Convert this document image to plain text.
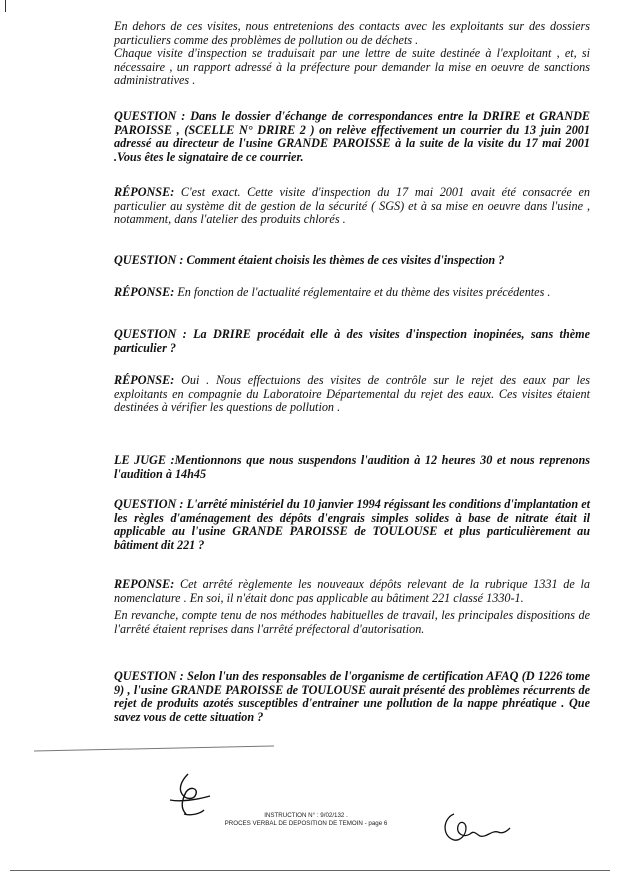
En dehors de ces visites, nous entretenions des contacts avec les exploitants sur des dossiers particuliers comme des problèmes de pollution ou de déchets .
Chaque visite d'inspection se traduisait par une lettre de suite destinée à l'exploitant , et, si nécessaire , un rapport adressé à la préfecture pour demander la mise en oeuvre de sanctions administratives .
QUESTION : Dans le dossier d'échange de correspondances entre la DRIRE et GRANDE PAROISSE , (SCELLE N° DRIRE 2 ) on relève effectivement un courrier du 13 juin 2001 adressé au directeur de l'usine GRANDE PAROISSE à la suite de la visite du 17 mai 2001 .Vous êtes le signataire de ce courrier.
RÉPONSE: C'est exact. Cette visite d'inspection du 17 mai 2001 avait été consacrée en particulier au système dit de gestion de la sécurité ( SGS) et à sa mise en oeuvre dans l'usine , notamment, dans l'atelier des produits chlorés .
QUESTION : Comment étaient choisis les thèmes de ces visites d'inspection ?
RÉPONSE: En fonction de l'actualité réglementaire et du thème des visites précédentes .
QUESTION : La DRIRE procédait elle à des visites d'inspection inopinées, sans thème particulier ?
RÉPONSE: Oui . Nous effectuions des visites de contrôle sur le rejet des eaux par les exploitants en compagnie du Laboratoire Départemental du rejet des eaux. Ces visites étaient destinées à vérifier les questions de pollution .
LE JUGE :Mentionnons que nous suspendons l'audition à 12 heures 30 et nous reprenons l'audition à 14h45
QUESTION : L'arrêté ministériel du 10 janvier 1994 régissant les conditions d'implantation et les règles d'aménagement des dépôts d'engrais simples solides à base de nitrate était il applicable au l'usine GRANDE PAROISSE de TOULOUSE et plus particulièrement au bâtiment dit 221 ?
REPONSE: Cet arrêté règlemente les nouveaux dépôts relevant de la rubrique 1331 de la nomenclature . En soi, il n'était donc pas applicable au bâtiment 221 classé 1330-1.
En revanche, compte tenu de nos méthodes habituelles de travail, les principales dispositions de l'arrêté étaient reprises dans l'arrêté préfectoral d'autorisation.
QUESTION : Selon l'un des responsables de l'organisme de certification AFAQ (D 1226 tome 9) , l'usine GRANDE PAROISSE de TOULOUSE aurait présenté des problèmes récurrents de rejet de produits azotés susceptibles d'entrainer une pollution de la nappe phréatique . Que savez vous de cette situation ?
INSTRUCTION N° : 9/02/132 .
PROCES VERBAL DE DEPOSITION DE TEMOIN - page 6
